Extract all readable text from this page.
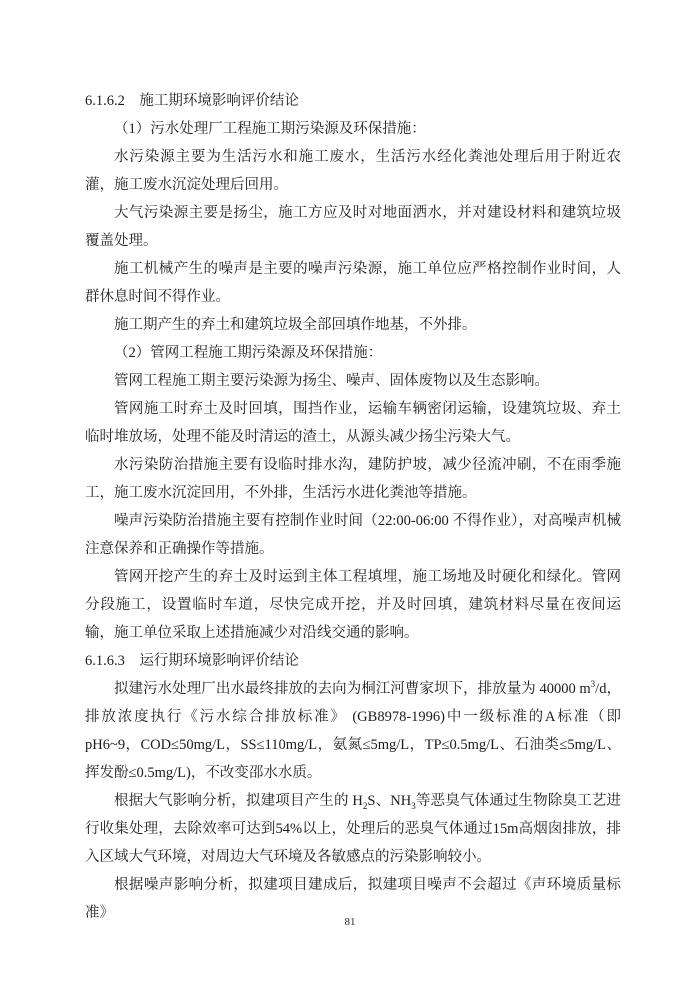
6.1.6.2　施工期环境影响评价结论

（1）污水处理厂工程施工期污染源及环保措施：

水污染源主要为生活污水和施工废水，生活污水经化粪池处理后用于附近农灌，施工废水沉淀处理后回用。

大气污染源主要是扬尘，施工方应及时对地面洒水，并对建设材料和建筑垃圾覆盖处理。

施工机械产生的噪声是主要的噪声污染源，施工单位应严格控制作业时间，人群休息时间不得作业。

施工期产生的弃土和建筑垃圾全部回填作地基，不外排。

（2）管网工程施工期污染源及环保措施：

管网工程施工期主要污染源为扬尘、噪声、固体废物以及生态影响。

管网施工时弃土及时回填，围挡作业，运输车辆密闭运输，设建筑垃圾、弃土临时堆放场，处理不能及时清运的渣土，从源头减少扬尘污染大气。

水污染防治措施主要有设临时排水沟，建防护坡，减少径流冲刷，不在雨季施工，施工废水沉淀回用，不外排，生活污水进化粪池等措施。

噪声污染防治措施主要有控制作业时间（22:00-06:00 不得作业），对高噪声机械注意保养和正确操作等措施。

管网开挖产生的弃土及时运到主体工程填埋，施工场地及时硬化和绿化。管网分段施工，设置临时车道，尽快完成开挖，并及时回填，建筑材料尽量在夜间运输，施工单位采取上述措施减少对沿线交通的影响。

6.1.6.3　运行期环境影响评价结论

拟建污水处理厂出水最终排放的去向为桐江河曹家坝下，排放量为 40000 $m^3/d$，排放浓度执行《污水综合排放标准》 (GB8978-1996)中一级标准的A标准（即 pH6~9，COD≤50mg/L，SS≤110mg/L，氨氮≤5mg/L，TP≤0.5mg/L、石油类≤5mg/L、挥发酚≤0.5mg/L)，不改变邵水水质。

根据大气影响分析，拟建项目产生的 $H_2S$、$NH_3$等恶臭气体通过生物除臭工艺进行收集处理，去除效率可达到54%以上，处理后的恶臭气体通过15m高烟囱排放，排入区域大气环境，对周边大气环境及各敏感点的污染影响较小。

根据噪声影响分析，拟建项目建成后，拟建项目噪声不会超过《声环境质量标准》

81
